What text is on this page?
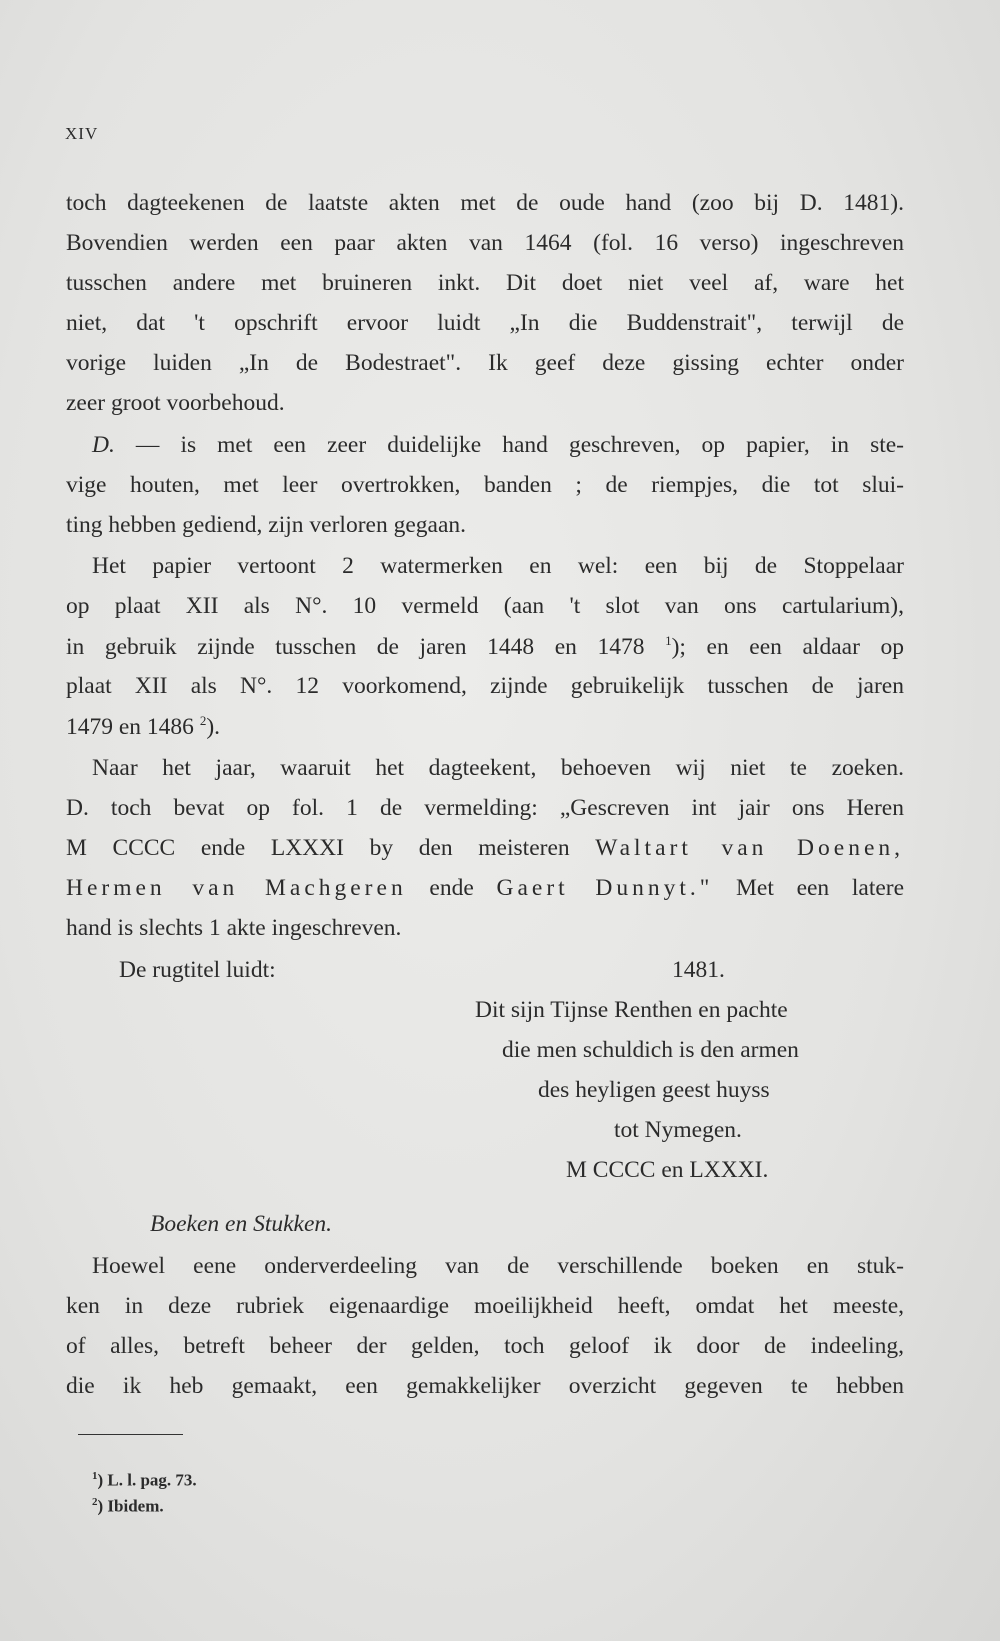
XIV
toch dagteekenen de laatste akten met de oude hand (zoo bij D. 1481).
Bovendien werden een paar akten van 1464 (fol. 16 verso) ingeschreven
tusschen andere met bruineren inkt. Dit doet niet veel af, ware het
niet, dat 't opschrift ervoor luidt „In die Buddenstrait", terwijl de
vorige luiden „In de Bodestraet". Ik geef deze gissing echter onder
zeer groot voorbehoud.
D. — is met een zeer duidelijke hand geschreven, op papier, in ste-
vige houten, met leer overtrokken, banden ; de riempjes, die tot slui-
ting hebben gediend, zijn verloren gegaan.
Het papier vertoont 2 watermerken en wel: een bij de Stoppelaar
op plaat XII als N°. 10 vermeld (aan 't slot van ons cartularium),
in gebruik zijnde tusschen de jaren 1448 en 1478 $^1$); en een aldaar op
plaat XII als N°. 12 voorkomend, zijnde gebruikelijk tusschen de jaren
1479 en 1486 $^2$).
Naar het jaar, waaruit het dagteekent, behoeven wij niet te zoeken.
D. toch bevat op fol. 1 de vermelding: „Gescreven int jair ons Heren
M CCCC ende LXXXI by den meisteren Waltart van Doenen,
Hermen van Machgeren ende Gaert Dunnyt." Met een latere
hand is slechts 1 akte ingeschreven.
De rugtitel luidt:	1481.
Dit sijn Tijnse Renthen en pachte
die men schuldich is den armen
des heyligen geest huyss
tot Nymegen.
M CCCC en LXXXI.
Boeken en Stukken.
Hoewel eene onderverdeeling van de verschillende boeken en stuk-
ken in deze rubriek eigenaardige moeilijkheid heeft, omdat het meeste,
of alles, betreft beheer der gelden, toch geloof ik door de indeeling,
die ik heb gemaakt, een gemakkelijker overzicht gegeven te hebben
$^1$) L. l. pag. 73.
$^2$) Ibidem.
